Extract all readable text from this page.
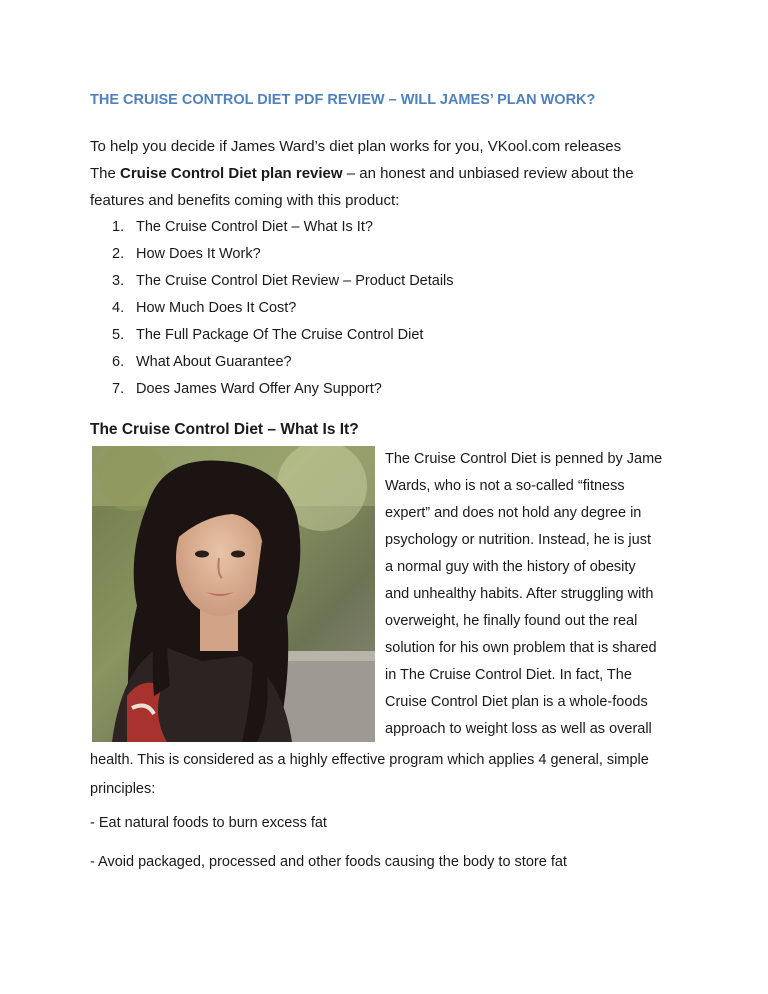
THE CRUISE CONTROL DIET PDF REVIEW – WILL JAMES’ PLAN WORK?
To help you decide if James Ward’s diet plan works for you, VKool.com releases
The Cruise Control Diet plan review – an honest and unbiased review about the
features and benefits coming with this product:
1. The Cruise Control Diet – What Is It?
2. How Does It Work?
3. The Cruise Control Diet Review – Product Details
4. How Much Does It Cost?
5. The Full Package Of The Cruise Control Diet
6. What About Guarantee?
7. Does James Ward Offer Any Support?
The Cruise Control Diet – What Is It?
The Cruise Control Diet is penned by Jame
Wards, who is not a so-called “fitness
expert” and does not hold any degree in
psychology or nutrition. Instead, he is just
a normal guy with the history of obesity
and unhealthy habits. After struggling with
overweight, he finally found out the real
solution for his own problem that is shared
in The Cruise Control Diet. In fact, The
Cruise Control Diet plan is a whole-foods
approach to weight loss as well as overall
health. This is considered as a highly effective program which applies 4 general, simple
principles:
- Eat natural foods to burn excess fat
- Avoid packaged, processed and other foods causing the body to store fat
